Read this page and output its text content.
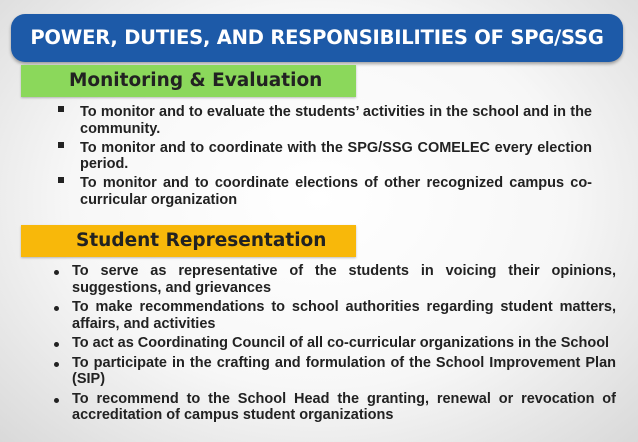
POWER, DUTIES, AND RESPONSIBILITIES OF SPG/SSG
Monitoring & Evaluation
To monitor and to evaluate the students’ activities in the school and in the community.
To monitor and to coordinate with the SPG/SSG COMELEC every election period.
To monitor and to coordinate elections of other recognized campus co-curricular organization
Student Representation
To serve as representative of the students in voicing their opinions, suggestions, and grievances
To make recommendations to school authorities regarding student matters, affairs, and activities
To act as Coordinating Council of all co-curricular organizations in the School
To participate in the crafting and formulation of the School Improvement Plan (SIP)
To recommend to the School Head the granting, renewal or revocation of accreditation of campus student organizations
